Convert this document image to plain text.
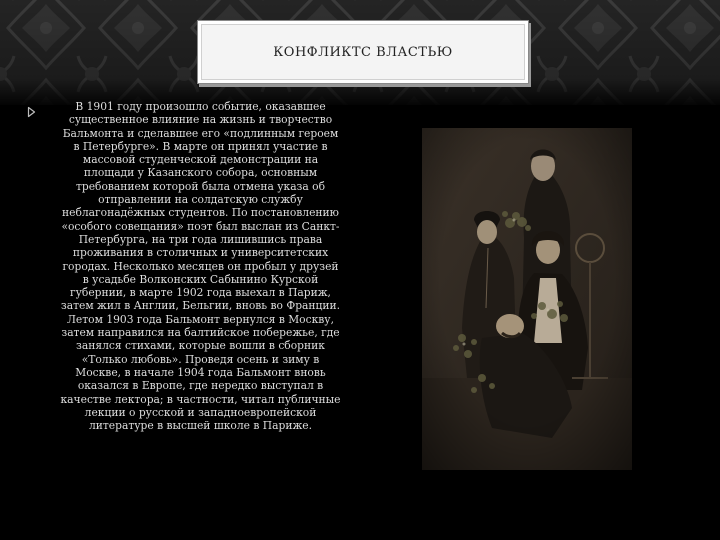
КОНФЛИКТС ВЛАСТЬЮ

В 1901 году произошло событие, оказавшее
существенное влияние на жизнь и творчество
Бальмонта и сделавшее его «подлинным героем
в Петербурге». В марте он принял участие в
массовой студенческой демонстрации на
площади у Казанского собора, основным
требованием которой была отмена указа об
отправлении на солдатскую службу
неблагонадёжных студентов. По постановлению
«особого совещания» поэт был выслан из Санкт-
Петербурга, на три года лишившись права
проживания в столичных и университетских
городах. Несколько месяцев он пробыл у друзей
в усадьбе Волконских Сабынино Курской
губернии, в марте 1902 года выехал в Париж,
затем жил в Англии, Бельгии, вновь во Франции.
Летом 1903 года Бальмонт вернулся в Москву,
затем направился на балтийское побережье, где
занялся стихами, которые вошли в сборник
«Только любовь». Проведя осень и зиму в
Москве, в начале 1904 года Бальмонт вновь
оказался в Европе, где нередко выступал в
качестве лектора; в частности, читал публичные
лекции о русской и западноевропейской
литературе в высшей школе в Париже.
